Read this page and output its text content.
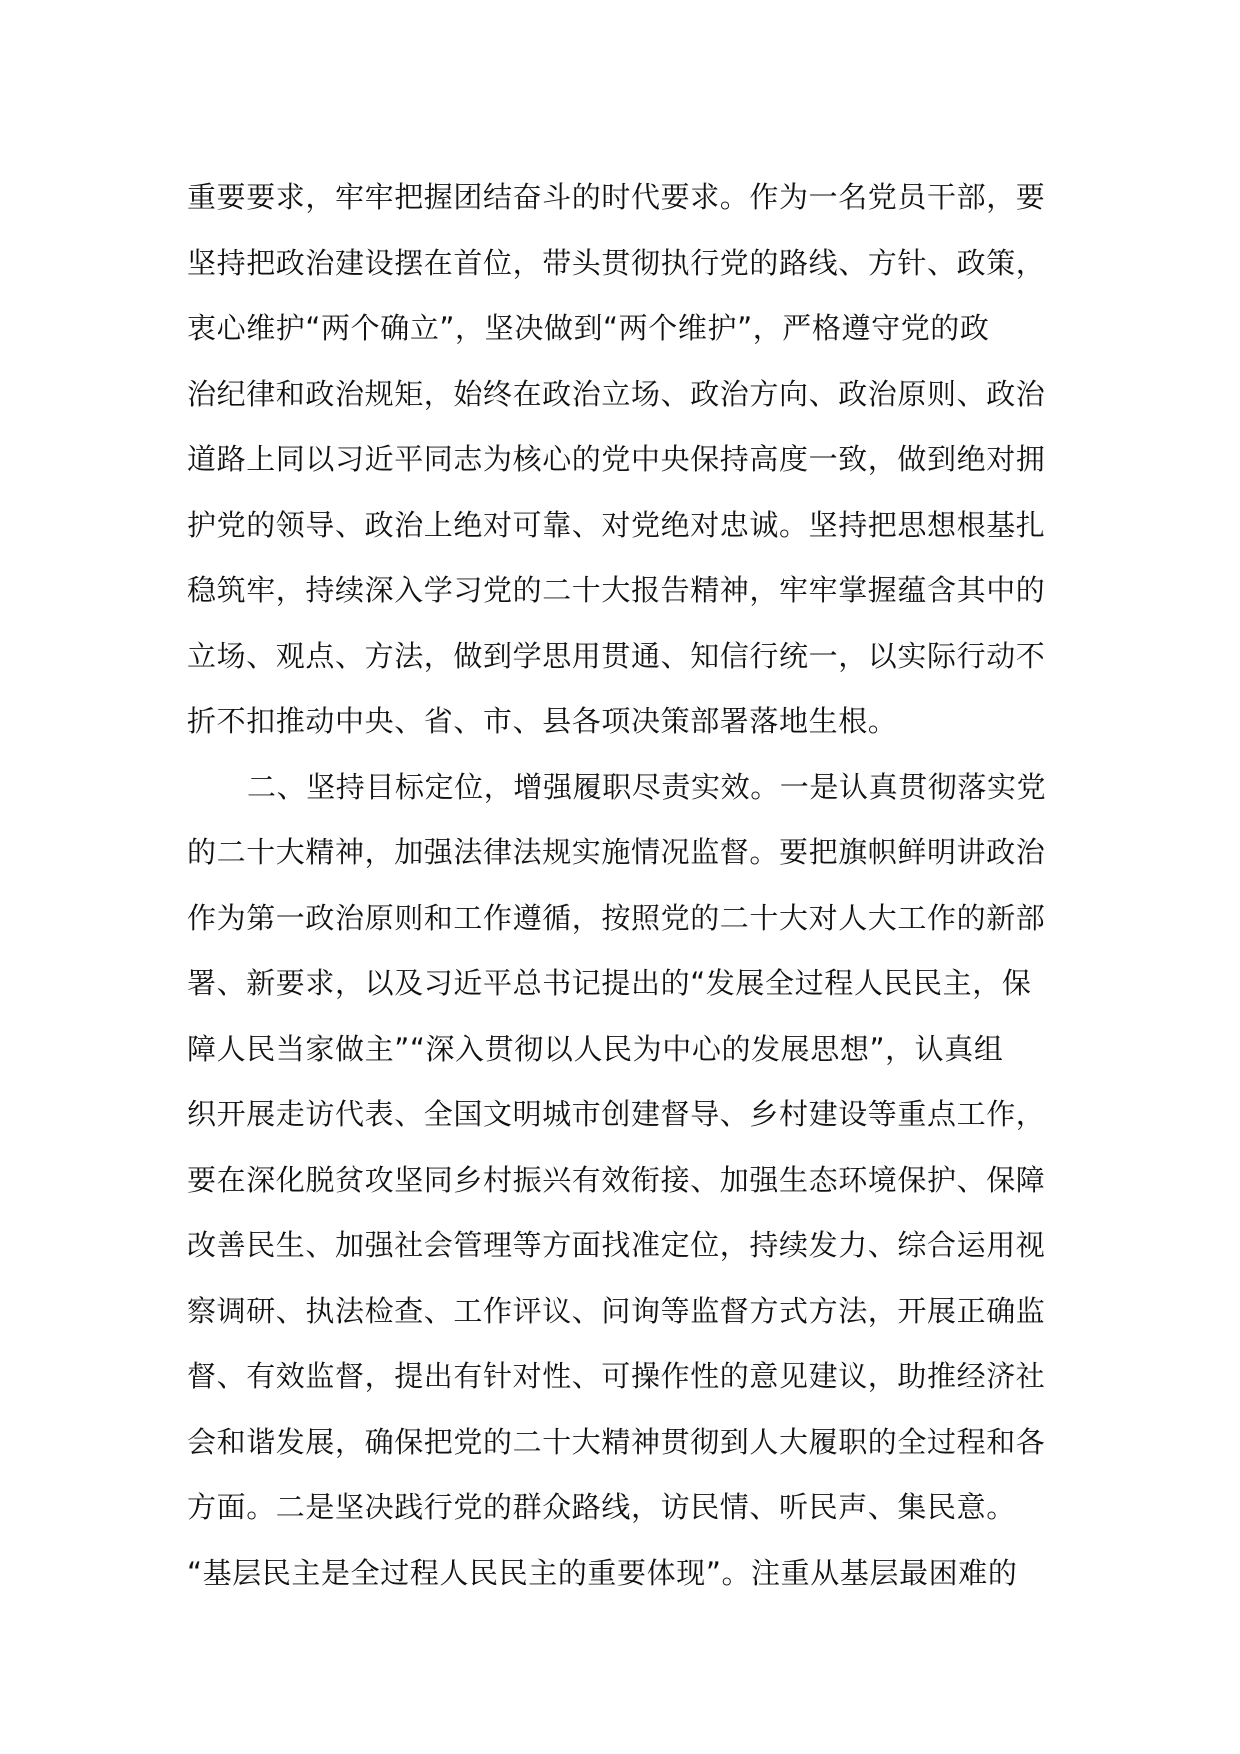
重要要求，牢牢把握团结奋斗的时代要求。作为一名党员干部，要
坚持把政治建设摆在首位，带头贯彻执行党的路线、方针、政策，
衷心维护“两个确立”，坚决做到“两个维护”，严格遵守党的政
治纪律和政治规矩，始终在政治立场、政治方向、政治原则、政治
道路上同以习近平同志为核心的党中央保持高度一致，做到绝对拥
护党的领导、政治上绝对可靠、对党绝对忠诚。坚持把思想根基扎
稳筑牢，持续深入学习党的二十大报告精神，牢牢掌握蕴含其中的
立场、观点、方法，做到学思用贯通、知信行统一，以实际行动不
折不扣推动中央、省、市、县各项决策部署落地生根。
二、坚持目标定位，增强履职尽责实效。一是认真贯彻落实党
的二十大精神，加强法律法规实施情况监督。要把旗帜鲜明讲政治
作为第一政治原则和工作遵循，按照党的二十大对人大工作的新部
署、新要求，以及习近平总书记提出的“发展全过程人民民主，保
障人民当家做主”“深入贯彻以人民为中心的发展思想”，认真组
织开展走访代表、全国文明城市创建督导、乡村建设等重点工作，
要在深化脱贫攻坚同乡村振兴有效衔接、加强生态环境保护、保障
改善民生、加强社会管理等方面找准定位，持续发力、综合运用视
察调研、执法检查、工作评议、问询等监督方式方法，开展正确监
督、有效监督，提出有针对性、可操作性的意见建议，助推经济社
会和谐发展，确保把党的二十大精神贯彻到人大履职的全过程和各
方面。二是坚决践行党的群众路线，访民情、听民声、集民意。
“基层民主是全过程人民民主的重要体现”。注重从基层最困难的
